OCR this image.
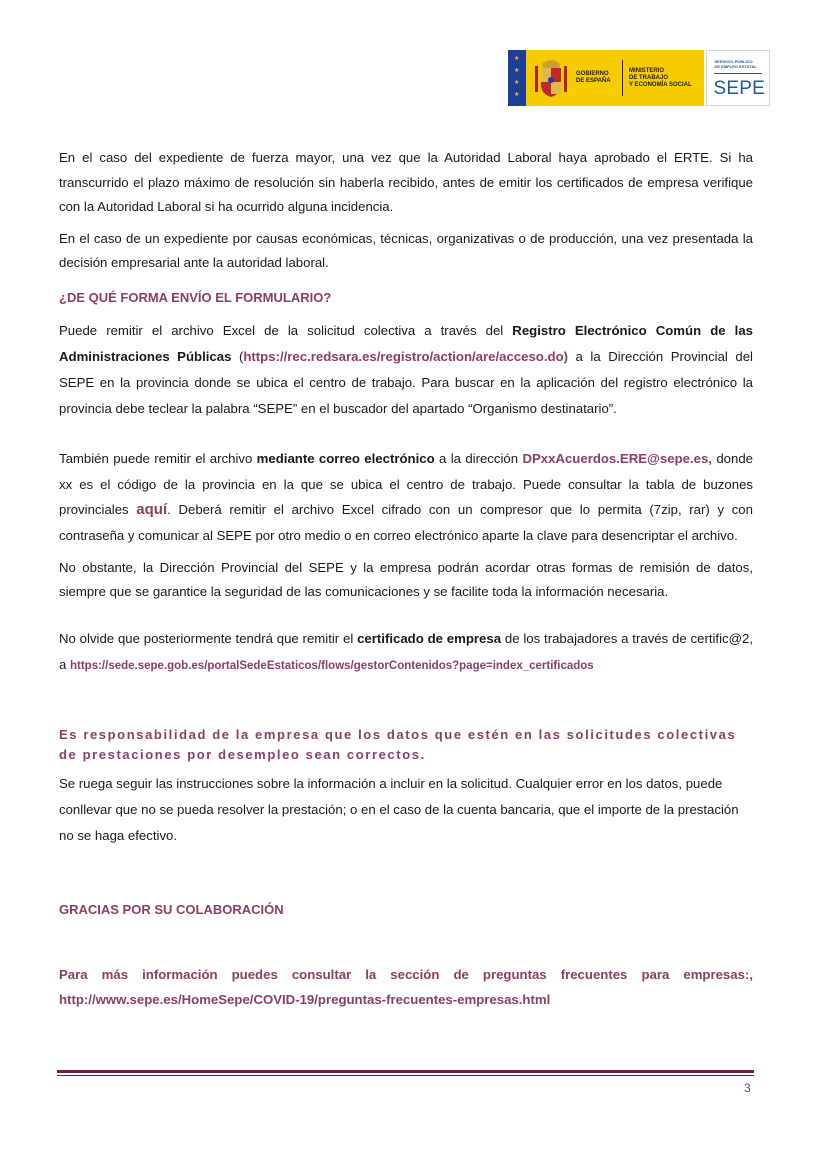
★
★
★
★
GOBIERNO
DE ESPAÑA
MINISTERIO
DE TRABAJO
Y ECONOMÍA SOCIAL
SERVICIO PÚBLICO
DE EMPLEO ESTATAL
SEPE

En el caso del expediente de fuerza mayor, una vez que la Autoridad Laboral haya aprobado el ERTE. Si ha transcurrido el plazo máximo de resolución sin haberla recibido, antes de emitir los certificados de empresa verifique con la Autoridad Laboral si ha ocurrido alguna incidencia.

En el caso de un expediente por causas económicas, técnicas, organizativas o de producción, una vez presentada la decisión empresarial ante la autoridad laboral.

¿DE QUÉ FORMA ENVÍO EL FORMULARIO?

Puede remitir el archivo Excel de la solicitud colectiva a través del Registro Electrónico Común de las Administraciones Públicas (https://rec.redsara.es/registro/action/are/acceso.do) a la Dirección Provincial del SEPE en la provincia donde se ubica el centro de trabajo. Para buscar en la aplicación del registro electrónico la provincia debe teclear la palabra “SEPE” en el buscador del apartado “Organismo destinatario”.

También puede remitir el archivo mediante correo electrónico a la dirección DPxxAcuerdos.ERE@sepe.es, donde xx es el código de la provincia en la que se ubica el centro de trabajo. Puede consultar la tabla de buzones provinciales aquí. Deberá remitir el archivo Excel cifrado con un compresor que lo permita (7zip, rar) y con contraseña y comunicar al SEPE por otro medio o en correo electrónico aparte la clave para desencriptar el archivo.

No obstante, la Dirección Provincial del SEPE y la empresa podrán acordar otras formas de remisión de datos, siempre que se garantice la seguridad de las comunicaciones y se facilite toda la información necesaria.

No olvide que posteriormente tendrá que remitir el certificado de empresa de los trabajadores a través de certific@2, a https://sede.sepe.gob.es/portalSedeEstaticos/flows/gestorContenidos?page=index_certificados

Es responsabilidad de la empresa que los datos que estén en las solicitudes colectivas de prestaciones por desempleo sean correctos.

Se ruega seguir las instrucciones sobre la información a incluir en la solicitud. Cualquier error en los datos, puede conllevar que no se pueda resolver la prestación; o en el caso de la cuenta bancaria, que el importe de la prestación no se haga efectivo.

GRACIAS POR SU COLABORACIÓN

Para más información puedes consultar la sección de preguntas frecuentes para empresas:, http://www.sepe.es/HomeSepe/COVID-19/preguntas-frecuentes-empresas.html

3
